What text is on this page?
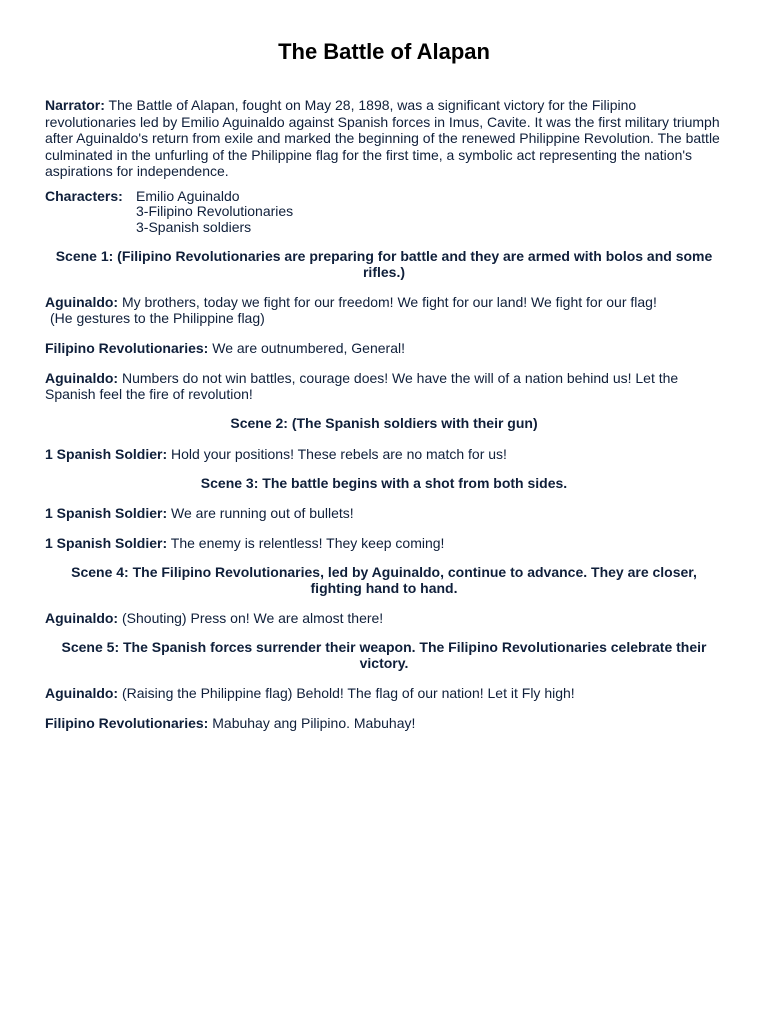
The Battle of Alapan

Narrator: The Battle of Alapan, fought on May 28, 1898, was a significant victory for the Filipino revolutionaries led by Emilio Aguinaldo against Spanish forces in Imus, Cavite. It was the first military triumph after Aguinaldo's return from exile and marked the beginning of the renewed Philippine Revolution. The battle culminated in the unfurling of the Philippine flag for the first time, a symbolic act representing the nation's aspirations for independence.

Characters: Emilio Aguinaldo
3-Filipino Revolutionaries
3-Spanish soldiers

Scene 1: (Filipino Revolutionaries are preparing for battle and they are armed with bolos and some rifles.)

Aguinaldo: My brothers, today we fight for our freedom! We fight for our land! We fight for our flag!
(He gestures to the Philippine flag)

Filipino Revolutionaries: We are outnumbered, General!

Aguinaldo: Numbers do not win battles, courage does! We have the will of a nation behind us! Let the Spanish feel the fire of revolution!

Scene 2: (The Spanish soldiers with their gun)

1 Spanish Soldier: Hold your positions! These rebels are no match for us!

Scene 3: The battle begins with a shot from both sides.

1 Spanish Soldier: We are running out of bullets!

1 Spanish Soldier: The enemy is relentless! They keep coming!

Scene 4: The Filipino Revolutionaries, led by Aguinaldo, continue to advance. They are closer, fighting hand to hand.

Aguinaldo: (Shouting) Press on! We are almost there!

Scene 5: The Spanish forces surrender their weapon. The Filipino Revolutionaries celebrate their victory.

Aguinaldo: (Raising the Philippine flag) Behold! The flag of our nation! Let it Fly high!

Filipino Revolutionaries: Mabuhay ang Pilipino. Mabuhay!
